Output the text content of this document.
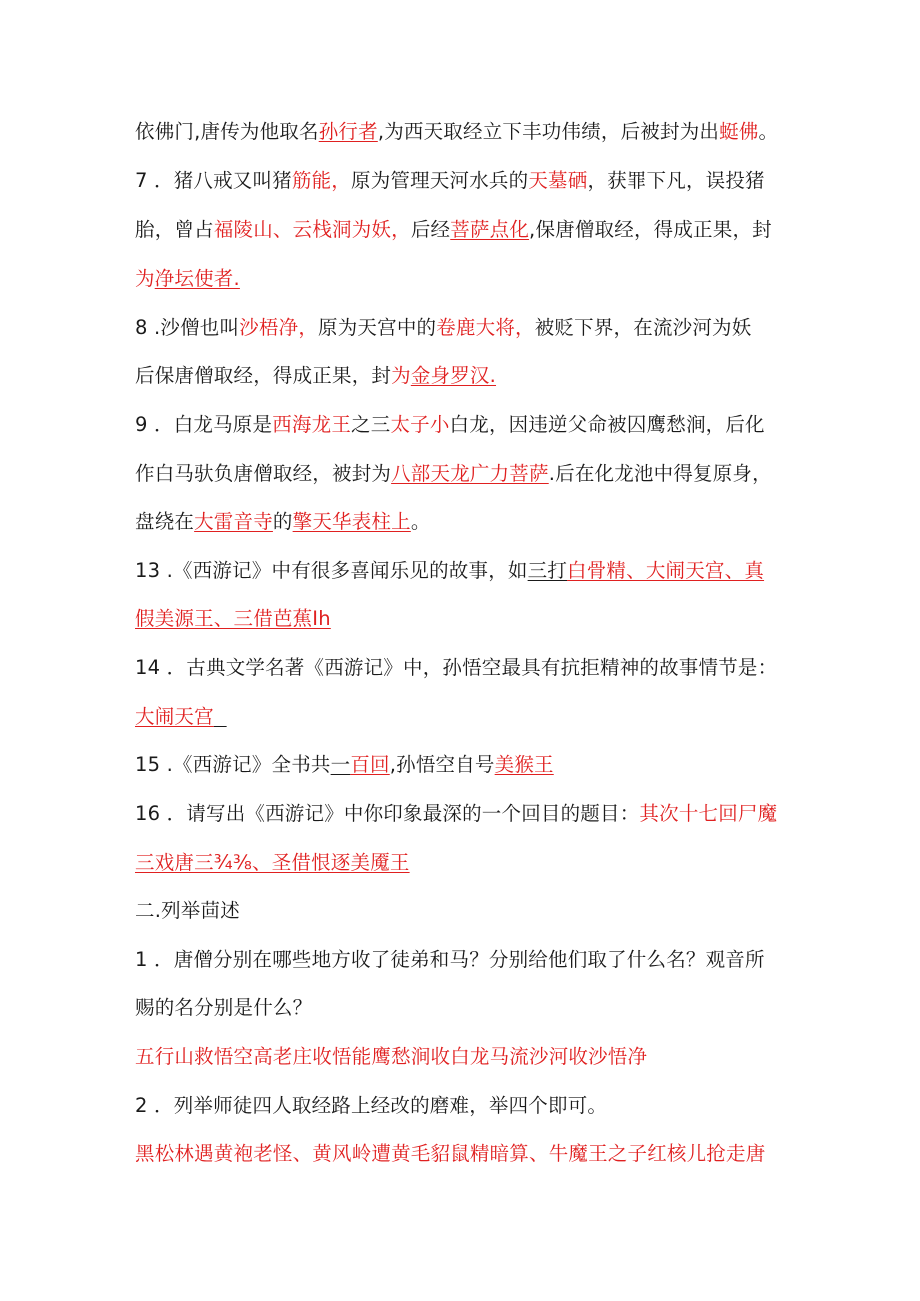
依佛门,唐传为他取名孙行者,为西天取经立下丰功伟绩，后被封为出蜓佛。
7 ．猪八戒又叫猪筋能，原为管理天河水兵的天墓硒，获罪下凡，误投猪
胎，曾占福陵山、云栈洞为妖，后经菩萨点化,保唐僧取经，得成正果，封
为净坛使者.
8 .沙僧也叫沙梧净，原为天宫中的卷鹿大将，被贬下界，在流沙河为妖
后保唐僧取经，得成正果，封为金身罗汉.
9 ．白龙马原是西海龙王之三太子小白龙，因违逆父命被囚鹰愁涧，后化
作白马驮负唐僧取经，被封为八部天龙广力菩萨.后在化龙池中得复原身，
盘绕在大雷音寺的擎天华表柱上。
13 .《西游记》中有很多喜闻乐见的故事，如三打白骨精、大闹天宫、真
假美源王、三借芭蕉Ih
14 ．古典文学名著《西游记》中，孙悟空最具有抗拒精神的故事情节是：
大闹天宫
15 .《西游记》全书共一百回,孙悟空自号美猴王
16 ．请写出《西游记》中你印象最深的一个回目的题目：其次十七回尸魔
三戏唐三¾⅜、圣借恨逐美魇王
二.列举茴述
1 ．唐僧分别在哪些地方收了徒弟和马？分别给他们取了什么名？观音所
赐的名分别是什么？
五行山救悟空高老庄收悟能鹰愁涧收白龙马流沙河收沙悟净
2 ．列举师徒四人取经路上经改的磨难，举四个即可。
黑松林遇黄袍老怪、黄风岭遭黄毛貂鼠精暗算、牛魔王之子红核儿抢走唐
